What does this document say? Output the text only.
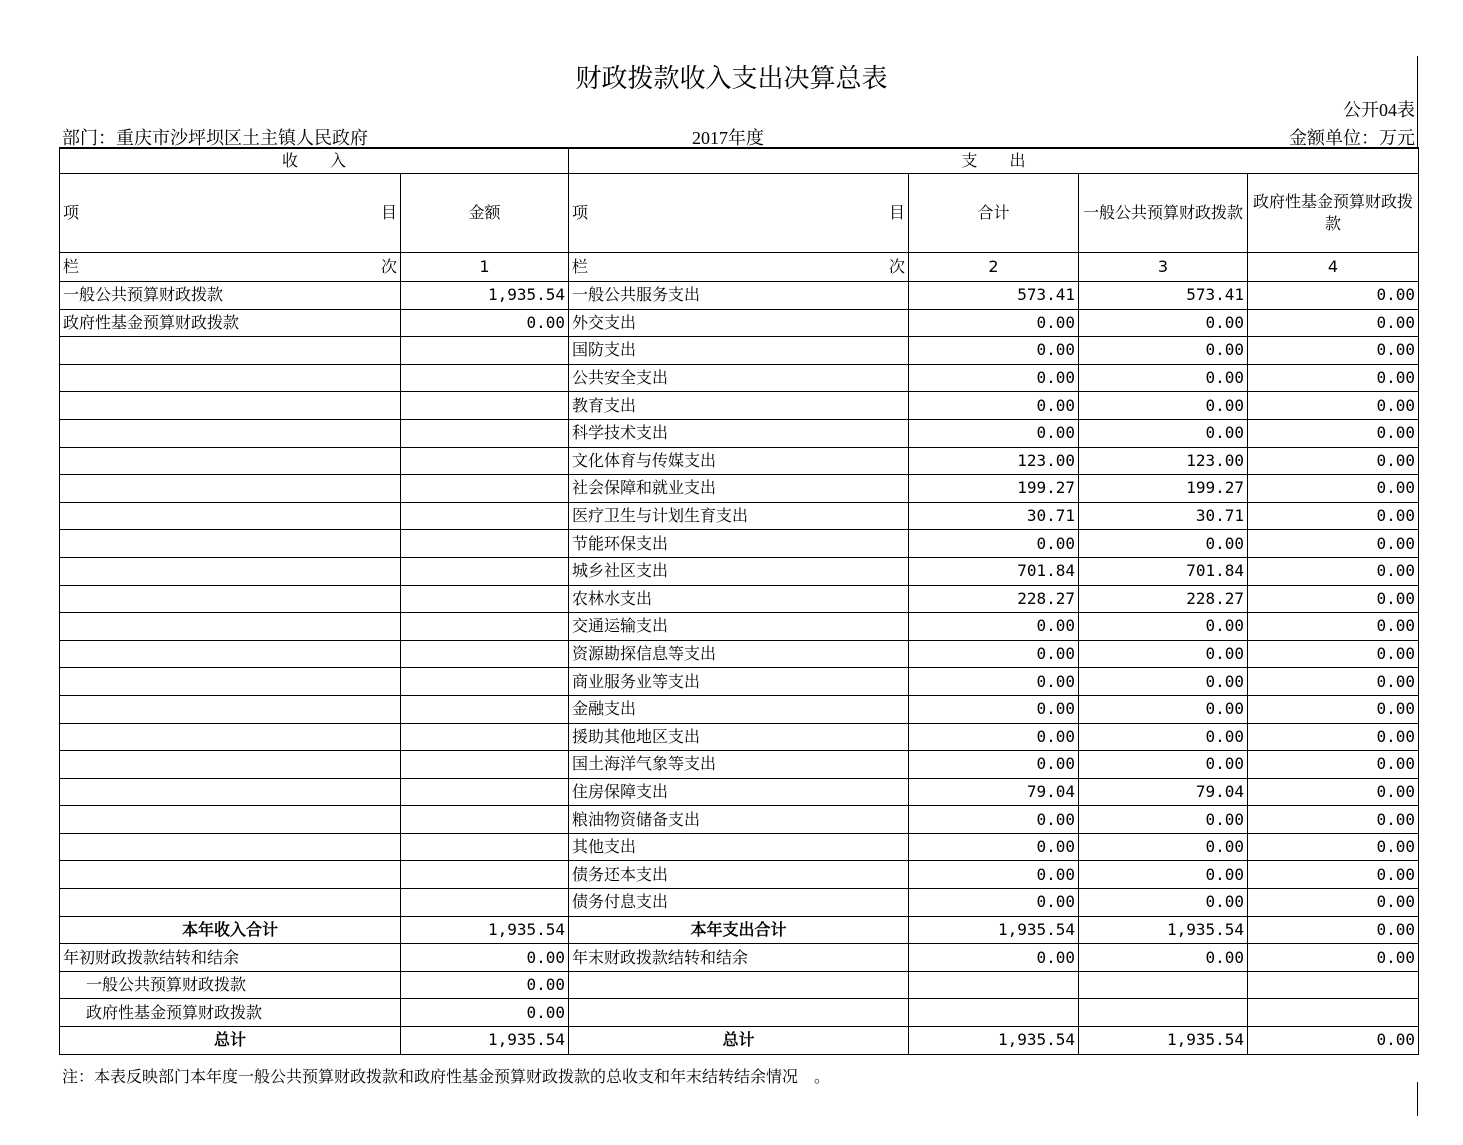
财政拨款收入支出决算总表
公开04表
部门：重庆市沙坪坝区土主镇人民政府	2017年度	金额单位：万元
收　　入		支　　出			

项 目	金额	项 目	合计	一般公共预算财政拨款	政府性基金预算财政拨款

栏 次	1	栏 次	2	3	4
一般公共预算财政拨款	1,935.54	一般公共服务支出	573.41	573.41	0.00
政府性基金预算财政拨款	0.00	外交支出	0.00	0.00	0.00
		国防支出	0.00	0.00	0.00
		公共安全支出	0.00	0.00	0.00
		教育支出	0.00	0.00	0.00
		科学技术支出	0.00	0.00	0.00
		文化体育与传媒支出	123.00	123.00	0.00
		社会保障和就业支出	199.27	199.27	0.00
		医疗卫生与计划生育支出	30.71	30.71	0.00
		节能环保支出	0.00	0.00	0.00
		城乡社区支出	701.84	701.84	0.00
		农林水支出	228.27	228.27	0.00
		交通运输支出	0.00	0.00	0.00
		资源勘探信息等支出	0.00	0.00	0.00
		商业服务业等支出	0.00	0.00	0.00
		金融支出	0.00	0.00	0.00
		援助其他地区支出	0.00	0.00	0.00
		国土海洋气象等支出	0.00	0.00	0.00
		住房保障支出	79.04	79.04	0.00
		粮油物资储备支出	0.00	0.00	0.00
		其他支出	0.00	0.00	0.00
		债务还本支出	0.00	0.00	0.00
		债务付息支出	0.00	0.00	0.00
本年收入合计	1,935.54	本年支出合计	1,935.54	1,935.54	0.00
年初财政拨款结转和结余	0.00	年末财政拨款结转和结余	0.00	0.00	0.00
一般公共预算财政拨款	0.00				
政府性基金预算财政拨款	0.00				
总计	1,935.54	总计	1,935.54	1,935.54	0.00
注：本表反映部门本年度一般公共预算财政拨款和政府性基金预算财政拨款的总收支和年末结转结余情况　。
